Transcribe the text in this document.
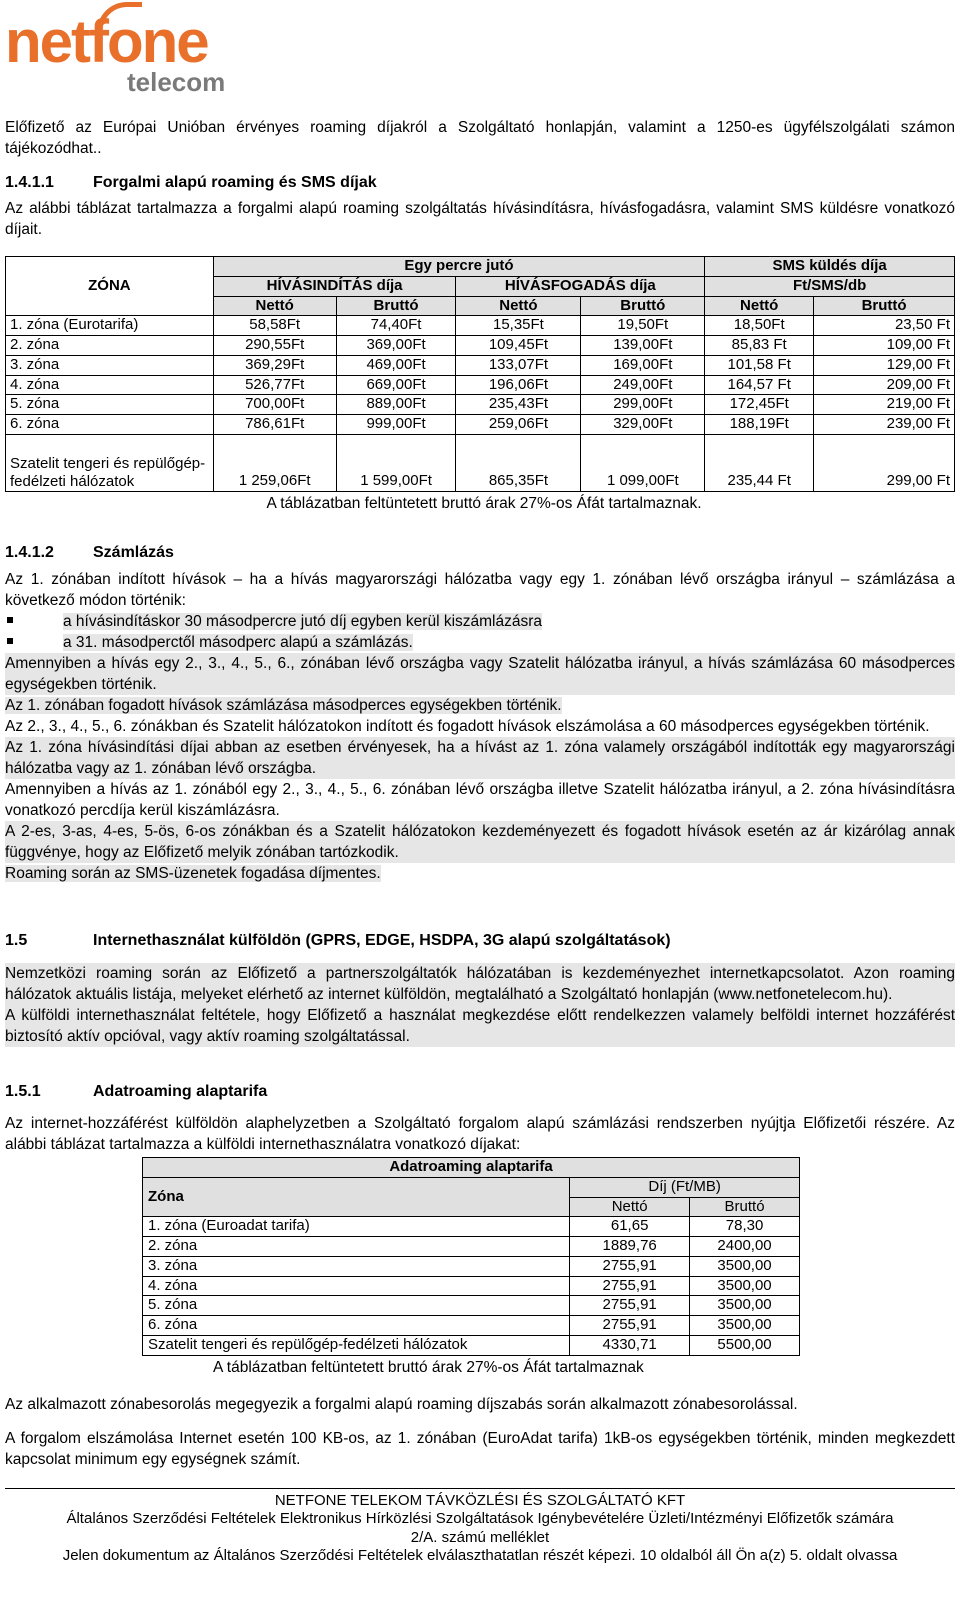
netfone
telecom

Előfizető az Európai Unióban érvényes roaming díjakról a Szolgáltató honlapján, valamint a 1250-es ügyfélszolgálati számon tájékozódhat..

1.4.1.1 Forgalmi alapú roaming és SMS díjak

Az alábbi táblázat tartalmazza a forgalmi alapú roaming szolgáltatás hívásindításra, hívásfogadásra, valamint SMS küldésre vonatkozó díjait.

ZÓNA	Egy percre jutó				SMS küldés díja	
	HÍVÁSINDÍTÁS díja		HÍVÁSFOGADÁS díja		Ft/SMS/db	
	Nettó	Bruttó	Nettó	Bruttó	Nettó	Bruttó
1. zóna (Eurotarifa)	58,58Ft	74,40Ft	15,35Ft	19,50Ft	18,50Ft	23,50 Ft
2. zóna	290,55Ft	369,00Ft	109,45Ft	139,00Ft	85,83 Ft	109,00 Ft
3. zóna	369,29Ft	469,00Ft	133,07Ft	169,00Ft	101,58 Ft	129,00 Ft
4. zóna	526,77Ft	669,00Ft	196,06Ft	249,00Ft	164,57 Ft	209,00 Ft
5. zóna	700,00Ft	889,00Ft	235,43Ft	299,00Ft	172,45Ft	219,00 Ft
6. zóna	786,61Ft	999,00Ft	259,06Ft	329,00Ft	188,19Ft	239,00 Ft
Szatelit tengeri és repülőgép-fedélzeti hálózatok	1 259,06Ft	1 599,00Ft	865,35Ft	1 099,00Ft	235,44 Ft	299,00 Ft

A táblázatban feltüntetett bruttó árak 27%-os Áfát tartalmaznak.

1.4.1.2 Számlázás

Az 1. zónában indított hívások – ha a hívás magyarországi hálózatba vagy egy 1. zónában lévő országba irányul – számlázása a következő módon történik:

a hívásindításkor 30 másodpercre jutó díj egyben kerül kiszámlázásra

a 31. másodperctől másodperc alapú a számlázás.

Amennyiben a hívás egy 2., 3., 4., 5., 6., zónában lévő országba vagy Szatelit hálózatba irányul, a hívás számlázása 60 másodperces egységekben történik.

Az 1. zónában fogadott hívások számlázása másodperces egységekben történik.

Az 2., 3., 4., 5., 6. zónákban és Szatelit hálózatokon indított és fogadott hívások elszámolása a 60 másodperces egységekben történik.

Az 1. zóna hívásindítási díjai abban az esetben érvényesek, ha a hívást az 1. zóna valamely országából indították egy magyarországi hálózatba vagy az 1. zónában lévő országba.

Amennyiben a hívás az 1. zónából egy 2., 3., 4., 5., 6. zónában lévő országba illetve Szatelit hálózatba irányul, a 2. zóna hívásindításra vonatkozó percdíja kerül kiszámlázásra.

A 2-es, 3-as, 4-es, 5-ös, 6-os zónákban és a Szatelit hálózatokon kezdeményezett és fogadott hívások esetén az ár kizárólag annak függvénye, hogy az Előfizető melyik zónában tartózkodik.

Roaming során az SMS-üzenetek fogadása díjmentes.

1.5	Internethasználat külföldön (GPRS, EDGE, HSDPA, 3G alapú szolgáltatások)

Nemzetközi roaming során az Előfizető a partnerszolgáltatók hálózatában is kezdeményezhet internetkapcsolatot. Azon roaming hálózatok aktuális listája, melyeket elérhető az internet külföldön, megtalálható a Szolgáltató honlapján (www.netfonetelecom.hu).

A külföldi internethasználat feltétele, hogy Előfizető a használat megkezdése előtt rendelkezzen valamely belföldi internet hozzáférést biztosító aktív opcióval, vagy aktív roaming szolgáltatással.

1.5.1	Adatroaming alaptarifa

Az internet-hozzáférést külföldön alaphelyzetben a Szolgáltató forgalom alapú számlázási rendszerben nyújtja Előfizetői részére. Az alábbi táblázat tartalmazza a külföldi internethasználatra vonatkozó díjakat:

Adatroaming alaptarifa		
Zóna	Díj (Ft/MB)	
	Nettó	Bruttó
1. zóna (Euroadat tarifa)	61,65	78,30
2. zóna	1889,76	2400,00
3. zóna	2755,91	3500,00
4. zóna	2755,91	3500,00
5. zóna	2755,91	3500,00
6. zóna	2755,91	3500,00
Szatelit tengeri és repülőgép-fedélzeti hálózatok	4330,71	5500,00

A táblázatban feltüntetett bruttó árak 27%-os Áfát tartalmaznak

Az alkalmazott zónabesorolás megegyezik a forgalmi alapú roaming díjszabás során alkalmazott zónabesorolással.

A forgalom elszámolása Internet esetén 100 KB-os, az 1. zónában (EuroAdat tarifa) 1kB-os egységekben történik, minden megkezdett kapcsolat minimum egy egységnek számít.

NETFONE TELEKOM TÁVKÖZLÉSI ÉS SZOLGÁLTATÓ KFT
Általános Szerződési Feltételek Elektronikus Hírközlési Szolgáltatások Igénybevételére Üzleti/Intézményi Előfizetők számára
2/A. számú melléklet
Jelen dokumentum az Általános Szerződési Feltételek elválaszthatatlan részét képezi. 10 oldalból áll Ön a(z) 5. oldalt olvassa
